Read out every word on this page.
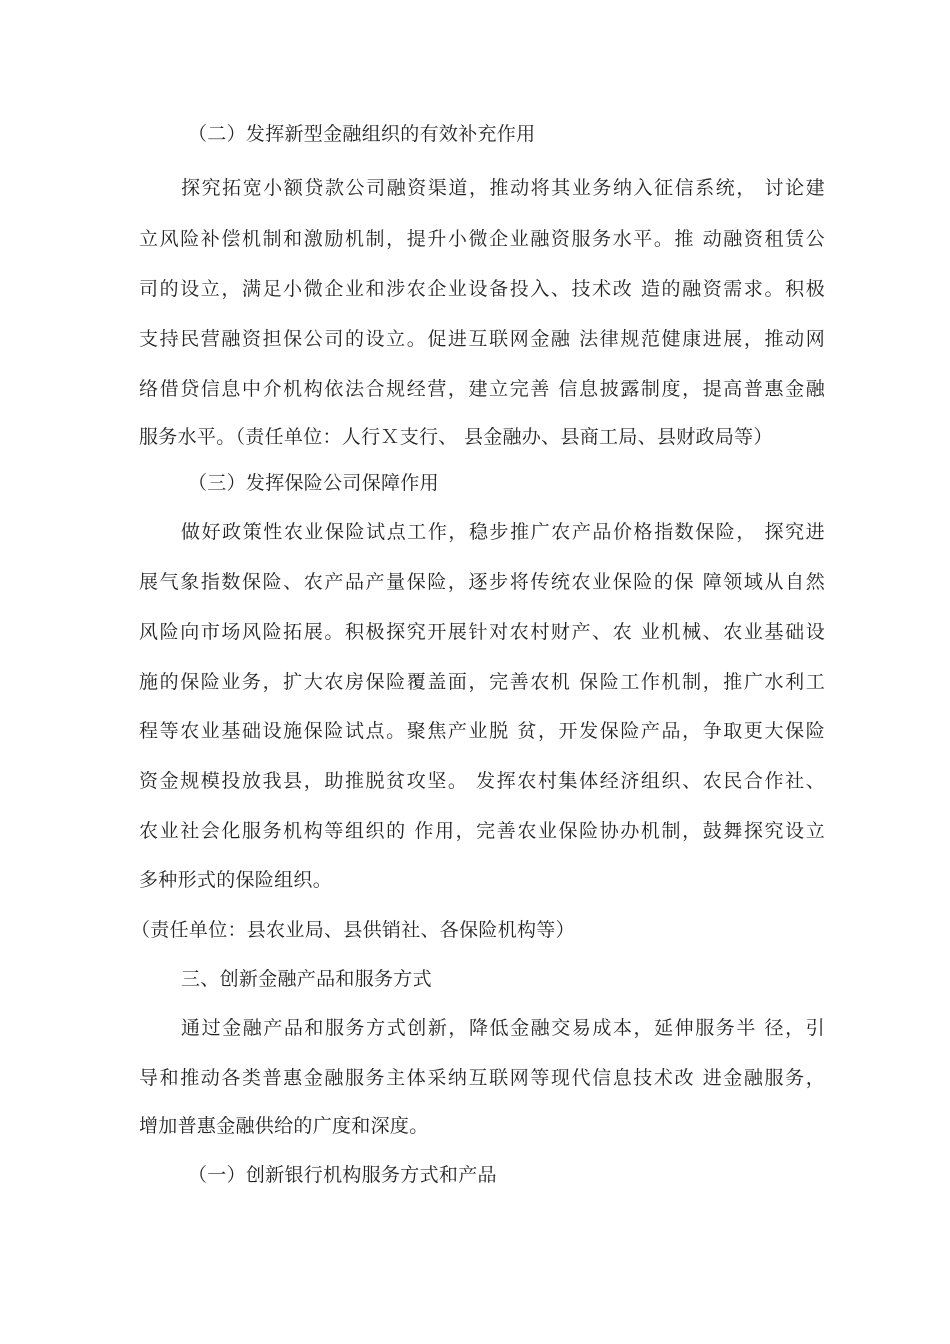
（二）发挥新型金融组织的有效补充作用
探究拓宽小额贷款公司融资渠道，推动将其业务纳入征信系统， 讨论建
立风险补偿机制和激励机制，提升小微企业融资服务水平。推 动融资租赁公
司的设立，满足小微企业和涉农企业设备投入、技术改 造的融资需求。积极
支持民营融资担保公司的设立。促进互联网金融 法律规范健康进展，推动网
络借贷信息中介机构依法合规经营，建立完善 信息披露制度，提高普惠金融
服务水平。（责任单位：人行Ｘ支行、 县金融办、县商工局、县财政局等）
（三）发挥保险公司保障作用
做好政策性农业保险试点工作，稳步推广农产品价格指数保险， 探究进
展气象指数保险、农产品产量保险，逐步将传统农业保险的保 障领域从自然
风险向市场风险拓展。积极探究开展针对农村财产、农 业机械、农业基础设
施的保险业务，扩大农房保险覆盖面，完善农机 保险工作机制，推广水利工
程等农业基础设施保险试点。聚焦产业脱 贫，开发保险产品，争取更大保险
资金规模投放我县，助推脱贫攻坚。 发挥农村集体经济组织、农民合作社、
农业社会化服务机构等组织的 作用，完善农业保险协办机制，鼓舞探究设立
多种形式的保险组织。
（责任单位：县农业局、县供销社、各保险机构等）
三、创新金融产品和服务方式
通过金融产品和服务方式创新，降低金融交易成本，延伸服务半 径，引
导和推动各类普惠金融服务主体采纳互联网等现代信息技术改 进金融服务，
增加普惠金融供给的广度和深度。
（一）创新银行机构服务方式和产品
